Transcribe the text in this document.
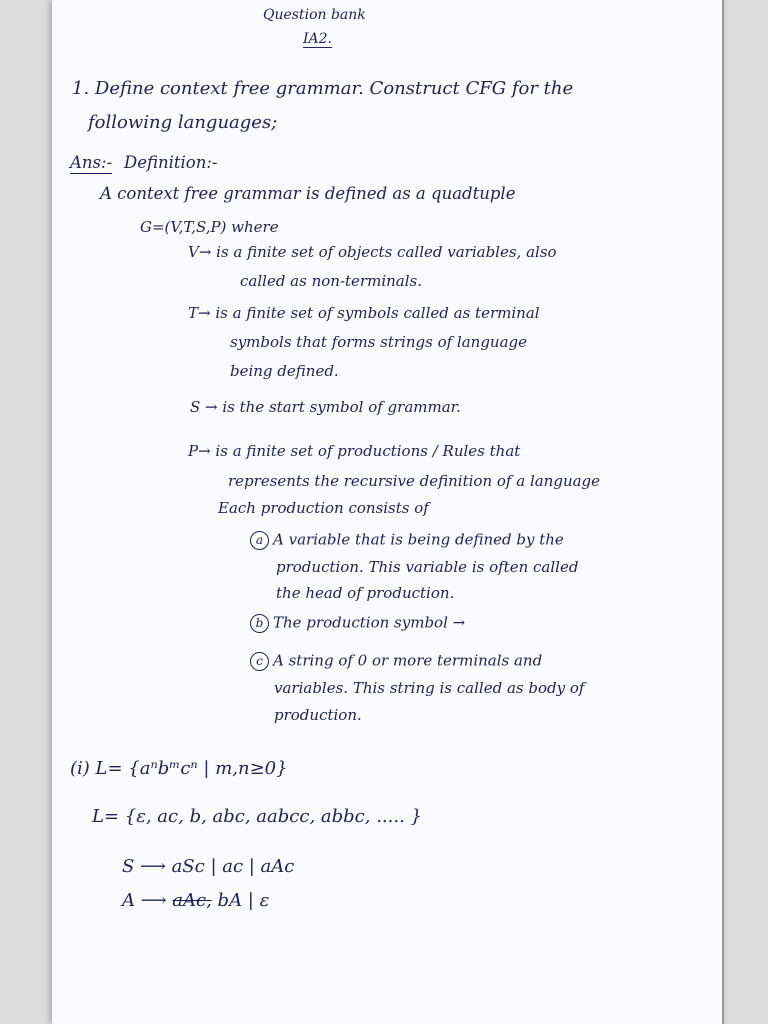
Question bank
IA2.
1. Define context free grammar. Construct CFG for the
following languages;
Ans:- Definition:-
A context free grammar is defined as a quadtuple
G=(V,T,S,P) where
V→ is a finite set of objects called variables, also
called as non-terminals.
T→ is a finite set of symbols called as terminal
symbols that forms strings of language
being defined.
S → is the start symbol of grammar.
P→ is a finite set of productions / Rules that
represents the recursive definition of a language
Each production consists of
a A variable that is being defined by the
production. This variable is often called
the head of production.
b The production symbol →
c A string of 0 or more terminals and
variables. This string is called as body of
production.
(i) L= {aⁿbᵐcⁿ | m,n≥0}
L= {ε, ac, b, abc, aabcc, abbc, ..... }
S ⟶ aSc | ac | aAc
A ⟶ aAc, bA | ε
